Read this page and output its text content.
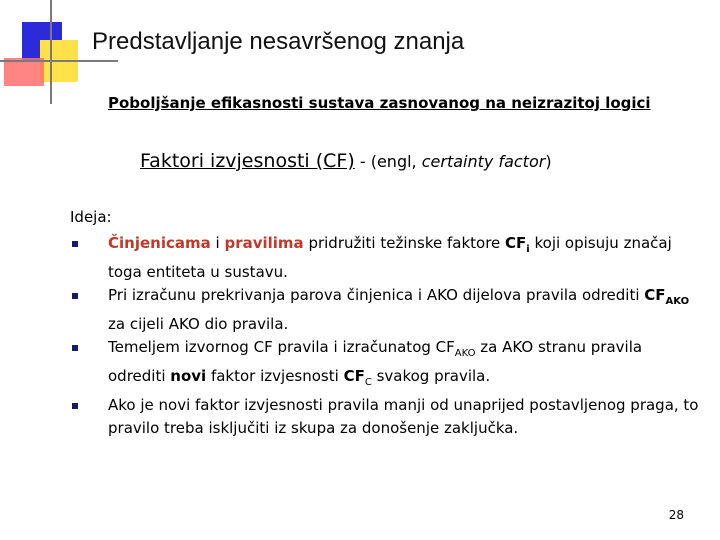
Predstavljanje nesavršenog znanja
Poboljšanje efikasnosti sustava zasnovanog na neizrazitoj logici
Faktori izvjesnosti (CF) - (engl, certainty factor)
Ideja:
Činjenicama i pravilima pridružiti težinske faktore $CF_i$ koji opisuju značaj toga entiteta u sustavu.
Pri izračunu prekrivanja parova činjenica i AKO dijelova pravila odrediti $CF_{AKO}$ za cijeli AKO dio pravila.
Temeljem izvornog CF pravila i izračunatog $CF_{AKO}$ za AKO stranu pravila odrediti novi faktor izvjesnosti $CF_C$ svakog pravila.
Ako je novi faktor izvjesnosti pravila manji od unaprijed postavljenog praga, to pravilo treba isključiti iz skupa za donošenje zaključka.
28
